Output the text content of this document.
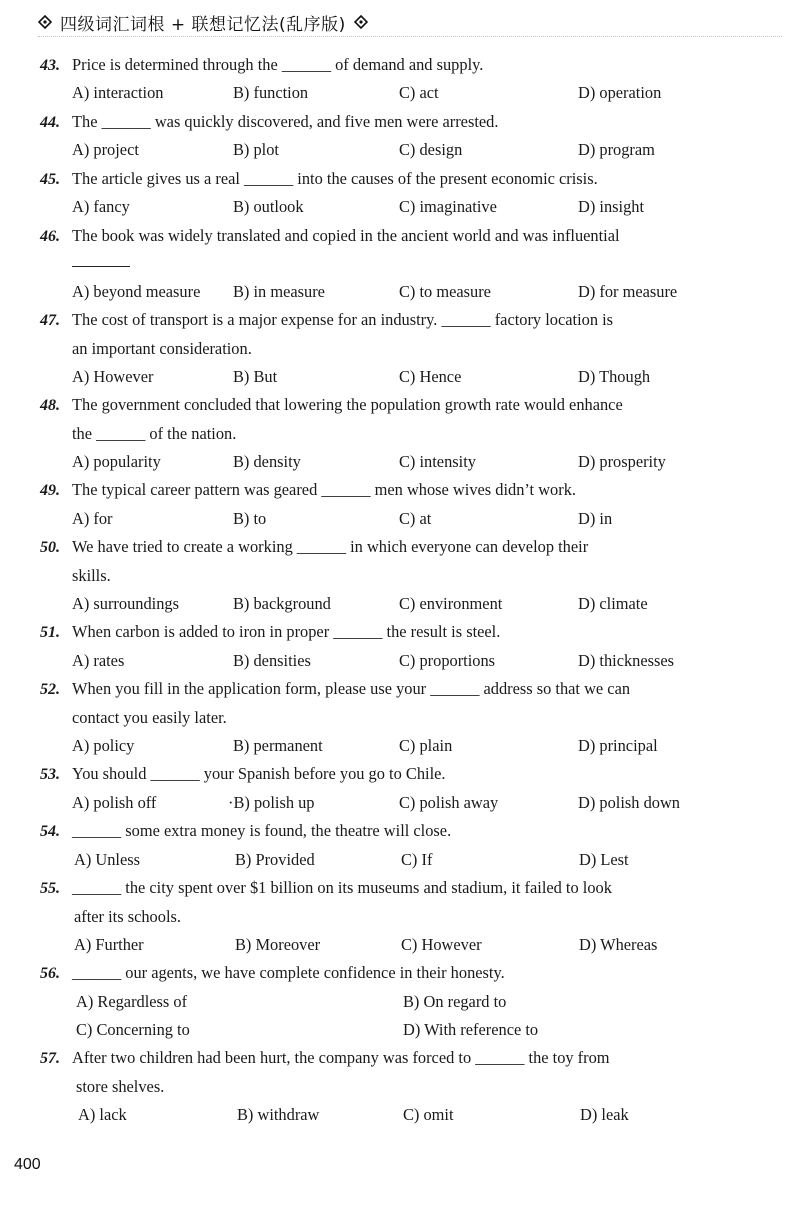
四级词汇词根 + 联想记忆法(乱序版)
43. Price is determined through the ______ of demand and supply.
A) interaction	B) function	C) act	D) operation
44. The ______ was quickly discovered, and five men were arrested.
A) project	B) plot	C) design	D) program
45. The article gives us a real ______ into the causes of the present economic crisis.
A) fancy	B) outlook	C) imaginative	D) insight
46. The book was widely translated and copied in the ancient world and was influential
A) beyond measure B) in measure	C) to measure	D) for measure
47. The cost of transport is a major expense for an industry. ______ factory location is
an important consideration.
A) However	B) But	C) Hence	D) Though
48. The government concluded that lowering the population growth rate would enhance
the ______ of the nation.
A) popularity	B) density	C) intensity	D) prosperity
49. The typical career pattern was geared ______ men whose wives didn’t work.
A) for	B) to	C) at	D) in
50. We have tried to create a working ______ in which everyone can develop their
skills.
A) surroundings	B) background	C) environment	D) climate
51. When carbon is added to iron in proper ______ the result is steel.
A) rates	B) densities	C) proportions	D) thicknesses
52. When you fill in the application form, please use your ______ address so that we can
contact you easily later.
A) policy	B) permanent	C) plain	D) principal
53. You should ______ your Spanish before you go to Chile.
A) polish off	·B) polish up	C) polish away	D) polish down
54. ______ some extra money is found, the theatre will close.
A) Unless	B) Provided	C) If	D) Lest
55. ______ the city spent over $1 billion on its museums and stadium, it failed to look
after its schools.
A) Further	B) Moreover	C) However	D) Whereas
56. ______ our agents, we have complete confidence in their honesty.
A) Regardless of	B) On regard to
C) Concerning to	D) With reference to
57. After two children had been hurt, the company was forced to ______ the toy from
store shelves.
A) lack	B) withdraw	C) omit	D) leak
400
